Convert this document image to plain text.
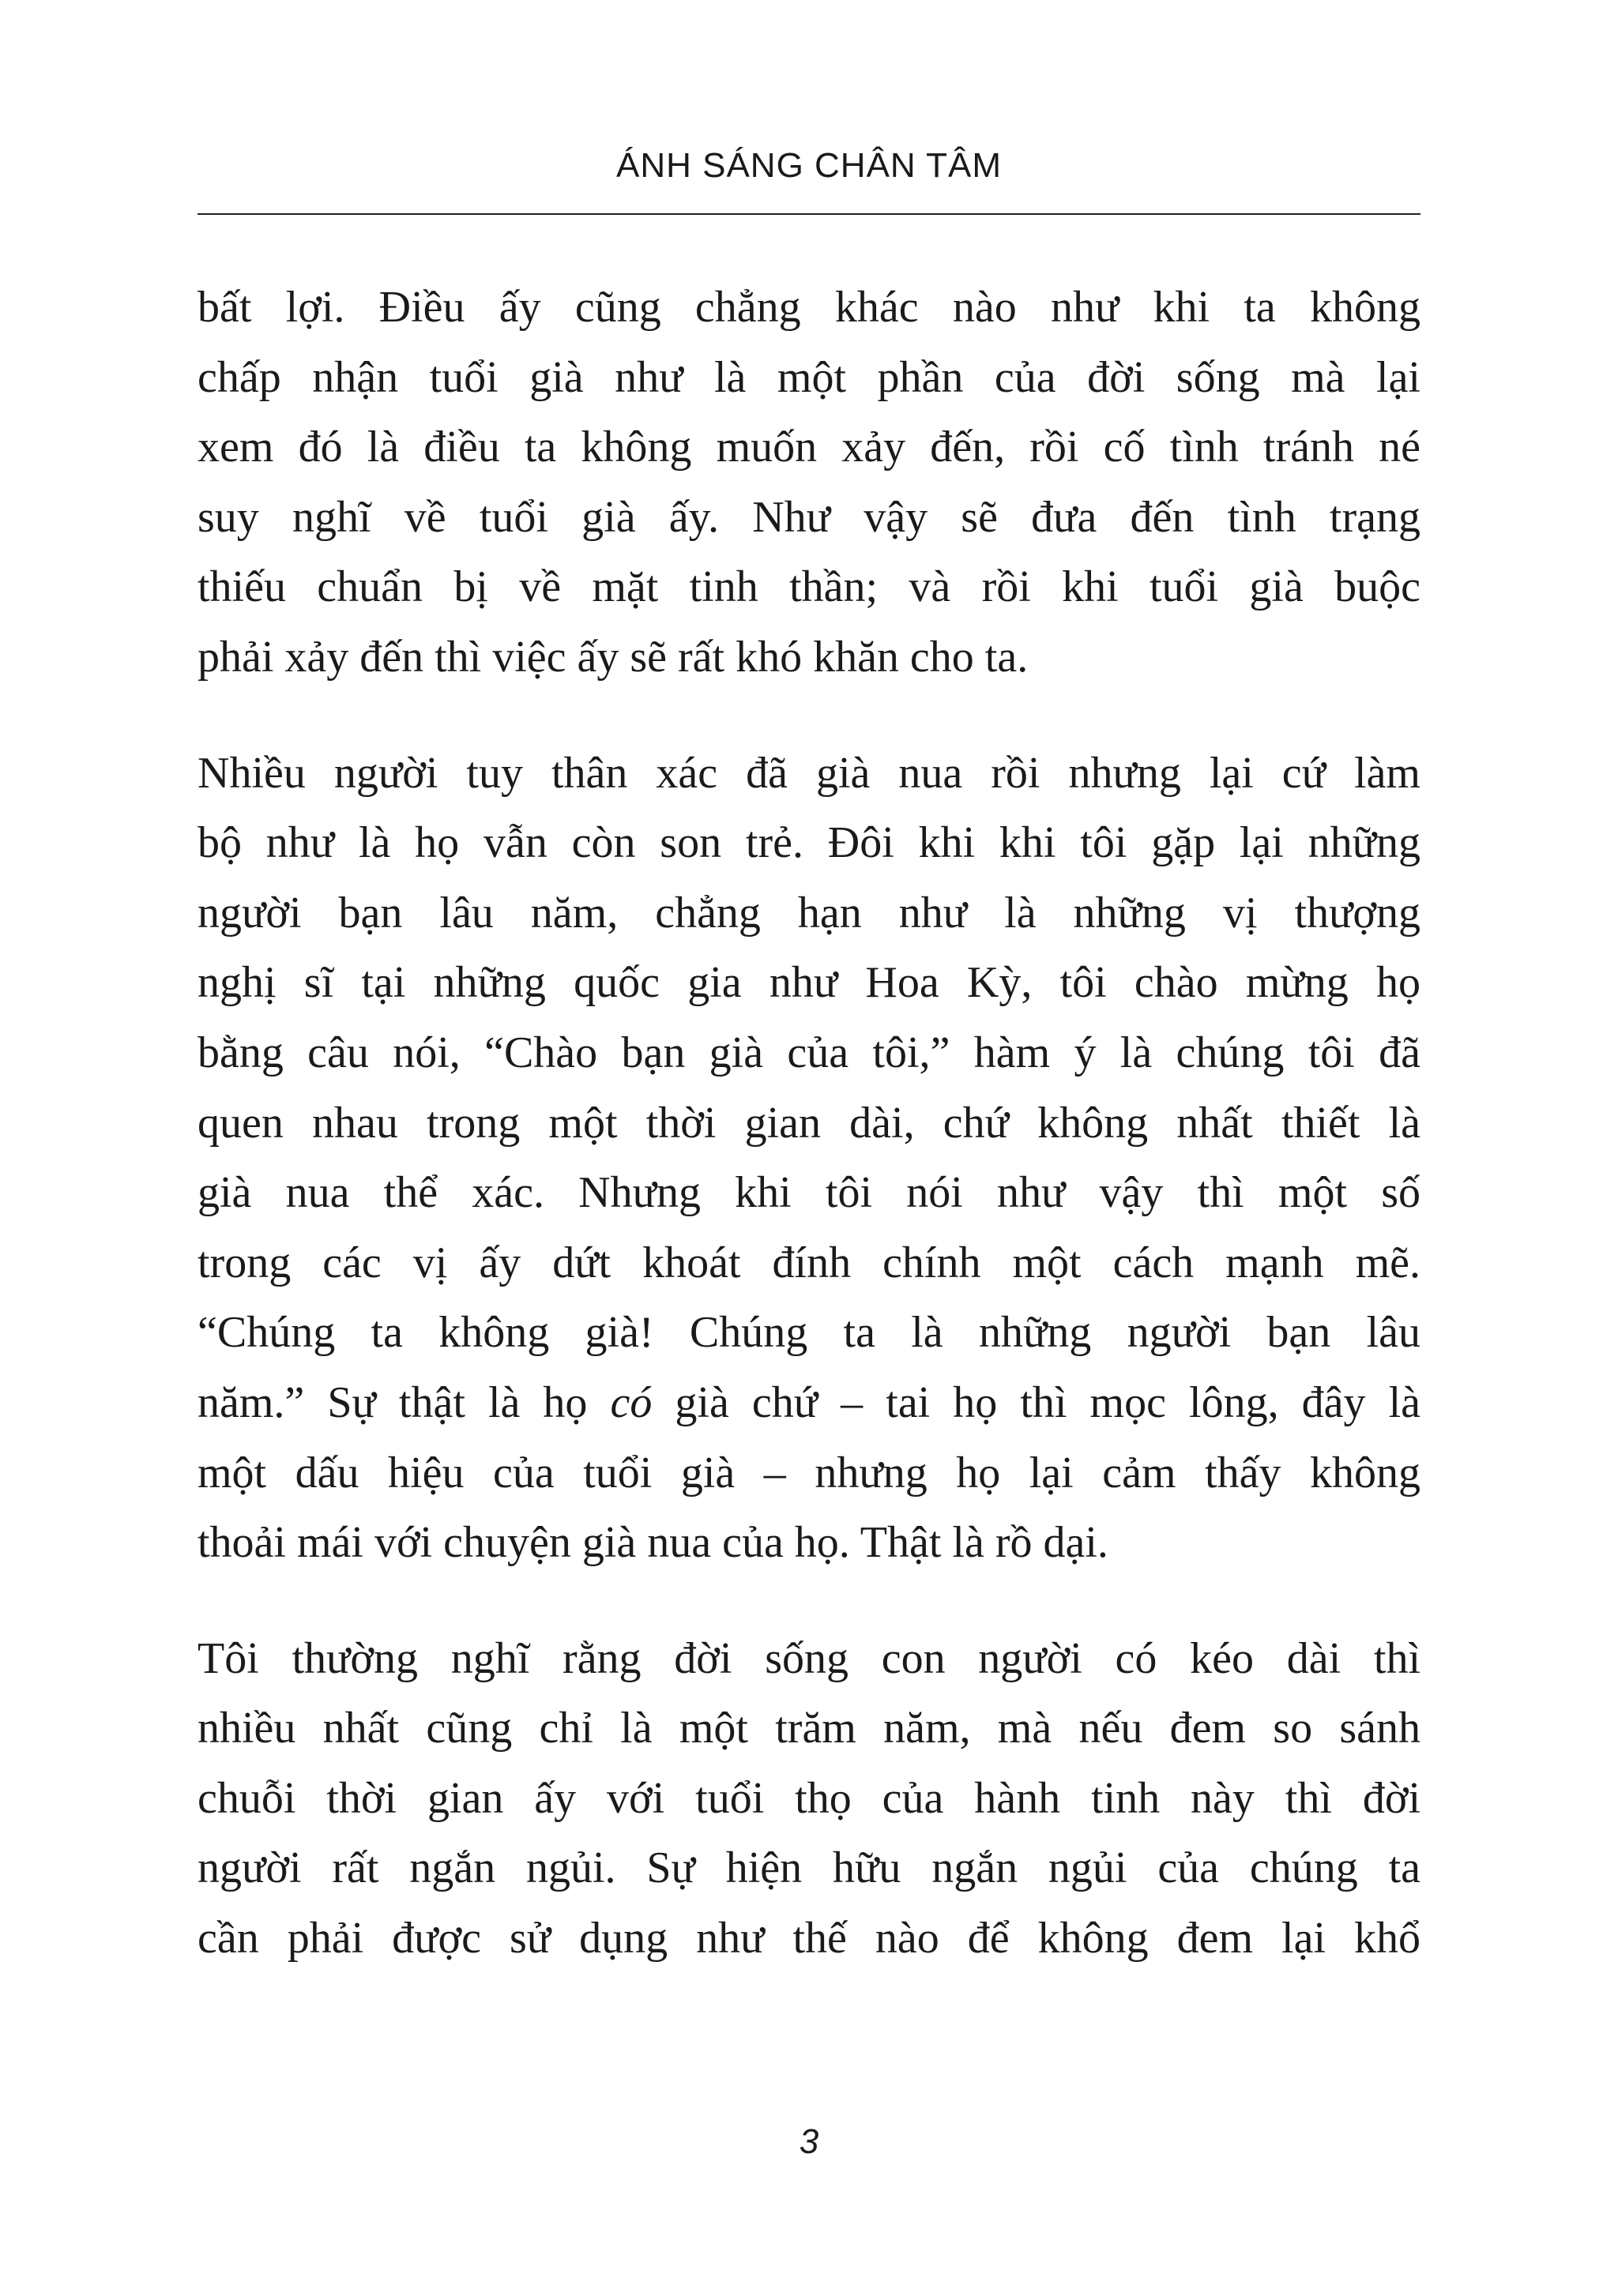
ÁNH SÁNG CHÂN TÂM

bất lợi. Điều ấy cũng chẳng khác nào như khi ta không
chấp nhận tuổi già như là một phần của đời sống mà lại
xem đó là điều ta không muốn xảy đến, rồi cố tình tránh né
suy nghĩ về tuổi già ấy. Như vậy sẽ đưa đến tình trạng
thiếu chuẩn bị về mặt tinh thần; và rồi khi tuổi già buộc
phải xảy đến thì việc ấy sẽ rất khó khăn cho ta.

Nhiều người tuy thân xác đã già nua rồi nhưng lại cứ làm
bộ như là họ vẫn còn son trẻ. Đôi khi khi tôi gặp lại những
người bạn lâu năm, chẳng hạn như là những vị thượng
nghị sĩ tại những quốc gia như Hoa Kỳ, tôi chào mừng họ
bằng câu nói, “Chào bạn già của tôi,” hàm ý là chúng tôi đã
quen nhau trong một thời gian dài, chứ không nhất thiết là
già nua thể xác. Nhưng khi tôi nói như vậy thì một số
trong các vị ấy dứt khoát đính chính một cách mạnh mẽ.
“Chúng ta không già! Chúng ta là những người bạn lâu
năm.” Sự thật là họ có già chứ – tai họ thì mọc lông, đây là
một dấu hiệu của tuổi già – nhưng họ lại cảm thấy không
thoải mái với chuyện già nua của họ. Thật là rồ dại.

Tôi thường nghĩ rằng đời sống con người có kéo dài thì
nhiều nhất cũng chỉ là một trăm năm, mà nếu đem so sánh
chuỗi thời gian ấy với tuổi thọ của hành tinh này thì đời
người rất ngắn ngủi. Sự hiện hữu ngắn ngủi của chúng ta
cần phải được sử dụng như thế nào để không đem lại khổ

3
